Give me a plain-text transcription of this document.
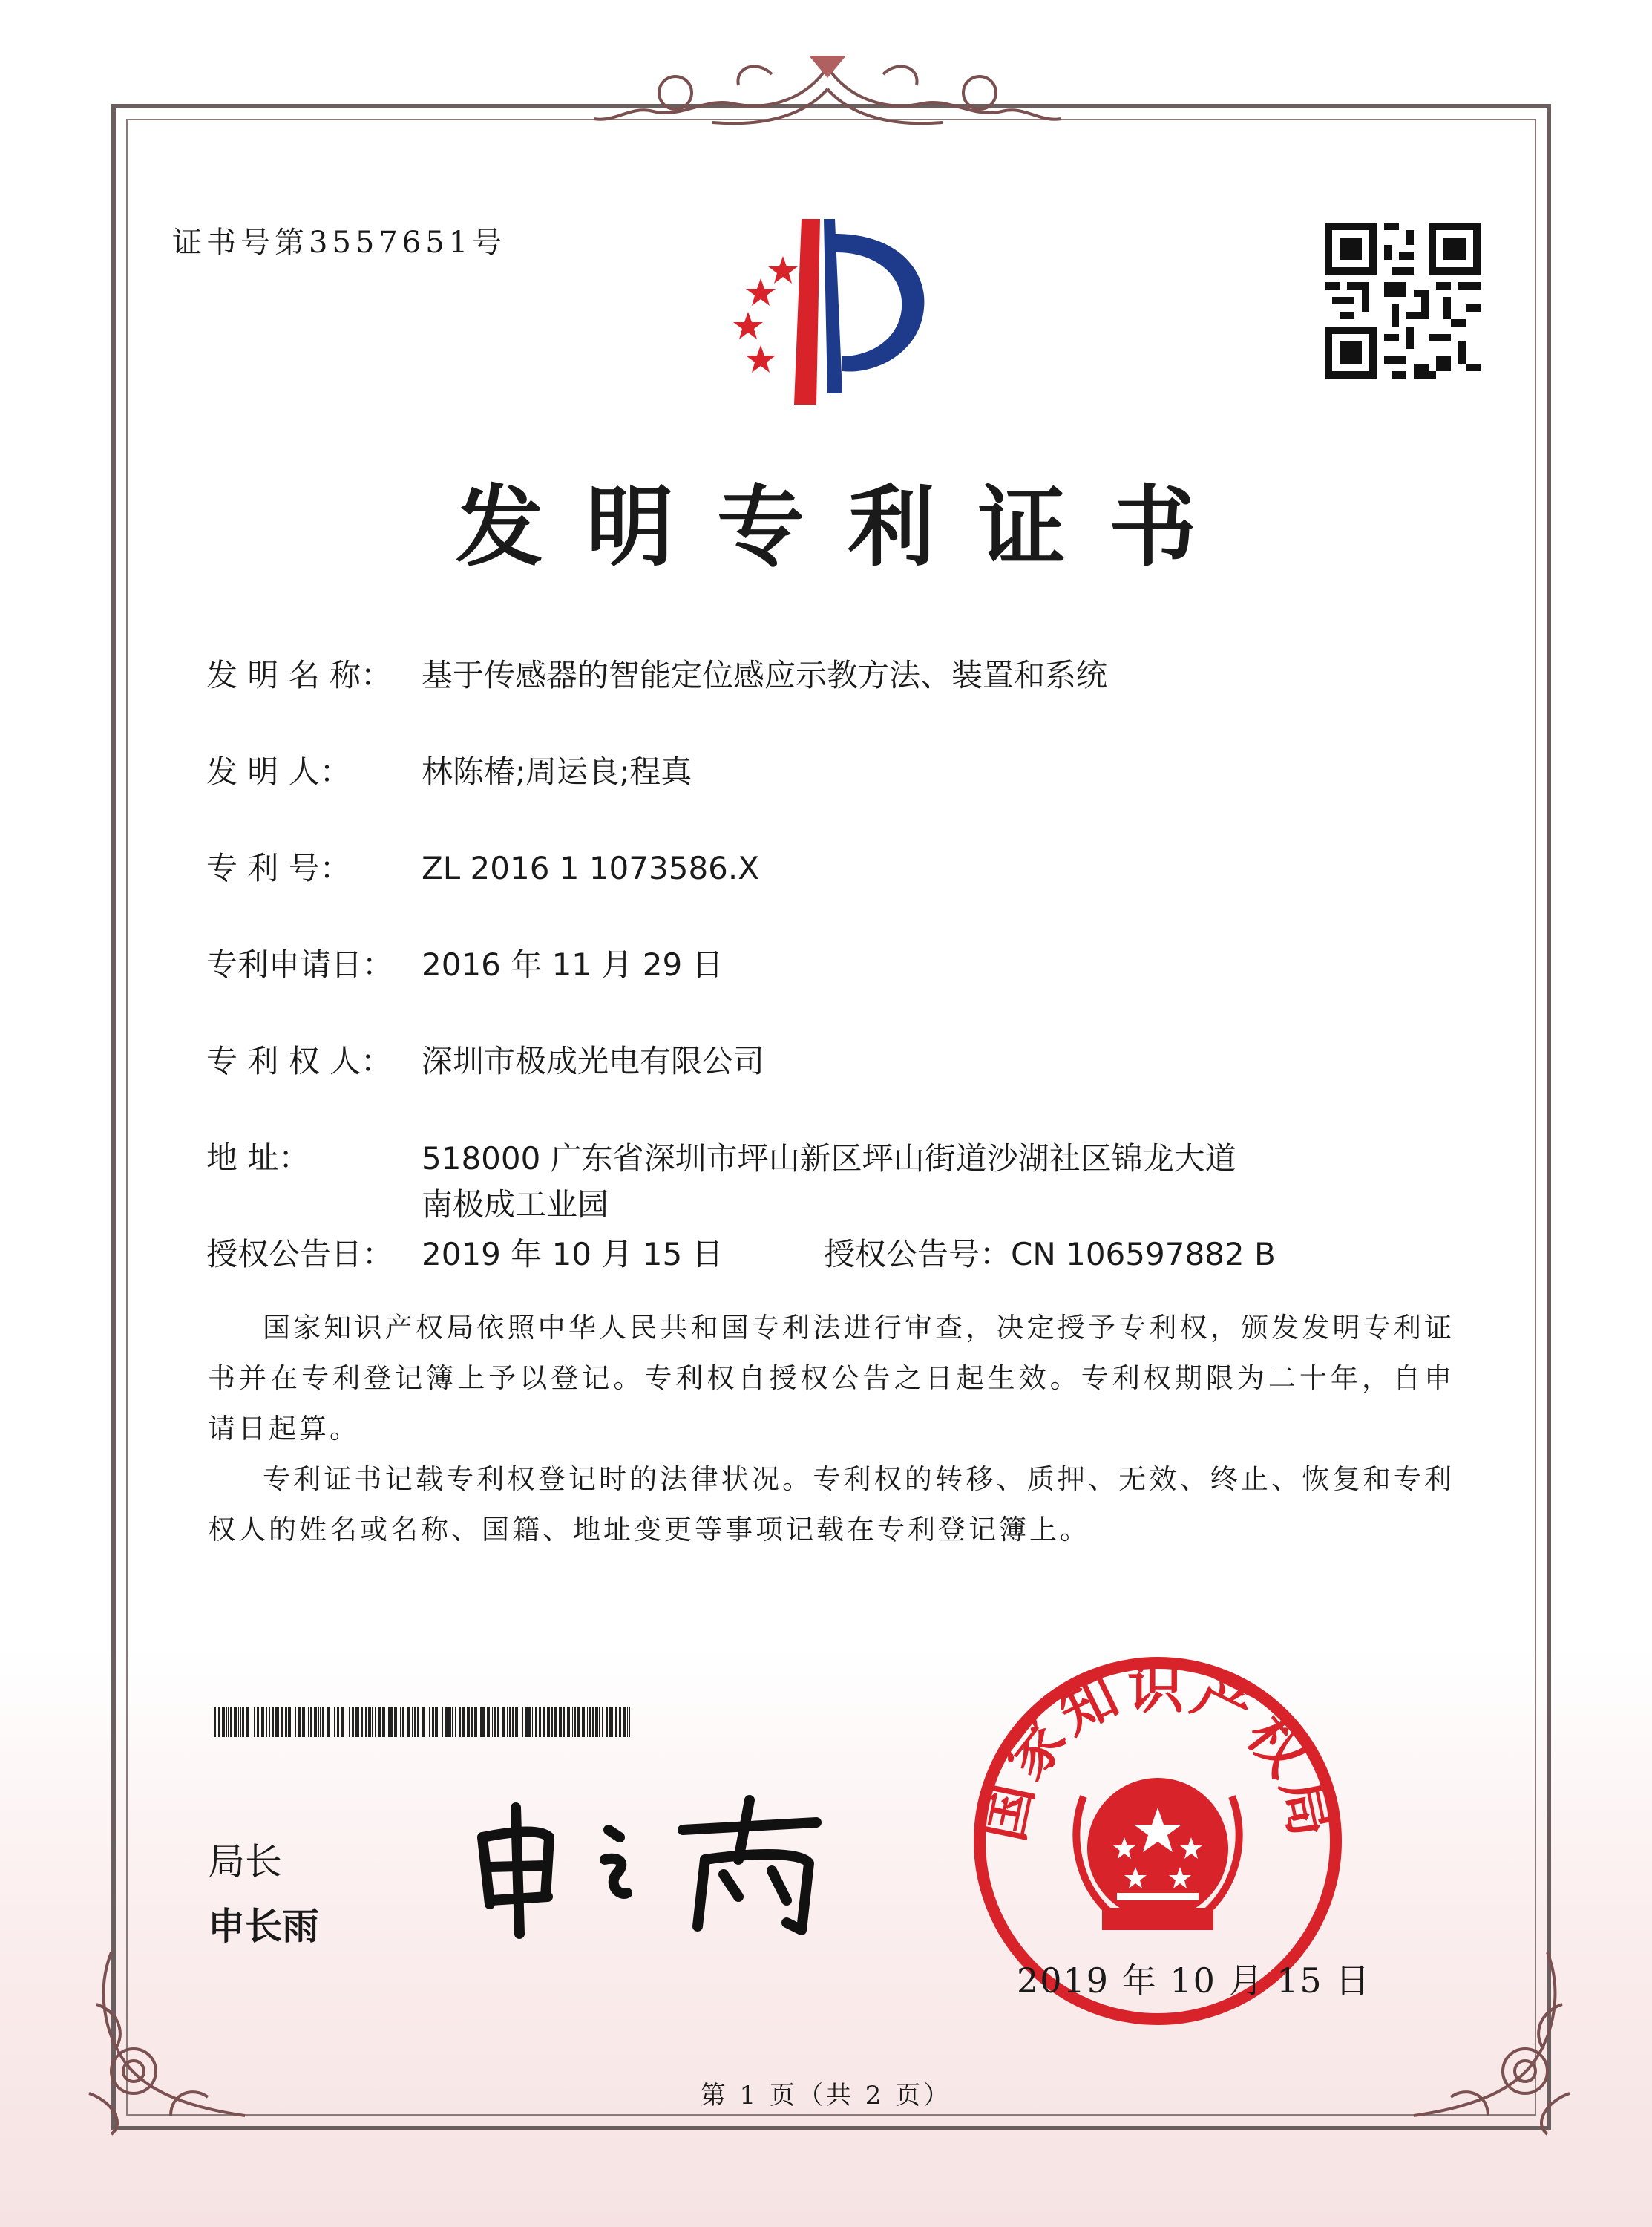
证书号第3557651号
发明专利证书
发 明 名 称： 基于传感器的智能定位感应示教方法、装置和系统
发 明 人： 林陈椿;周运良;程真
专 利 号： ZL 2016 1 1073586.X
专利申请日： 2016 年 11 月 29 日
专 利 权 人： 深圳市极成光电有限公司
地 址：	518000 广东省深圳市坪山新区坪山街道沙湖社区锦龙大道南极成工业园
授权公告日： 2019 年 10 月 15 日	授权公告号：CN 106597882 B

国家知识产权局依照中华人民共和国专利法进行审查，决定授予专利权，颁发发明专利证书并在专利登记簿上予以登记。专利权自授权公告之日起生效。专利权期限为二十年，自申请日起算。

专利证书记载专利权登记时的法律状况。专利权的转移、质押、无效、终止、恢复和专利权人的姓名或名称、国籍、地址变更等事项记载在专利登记簿上。

局长
申长雨
国家知识产权局
2019 年 10 月 15 日
第 1 页（共 2 页）
